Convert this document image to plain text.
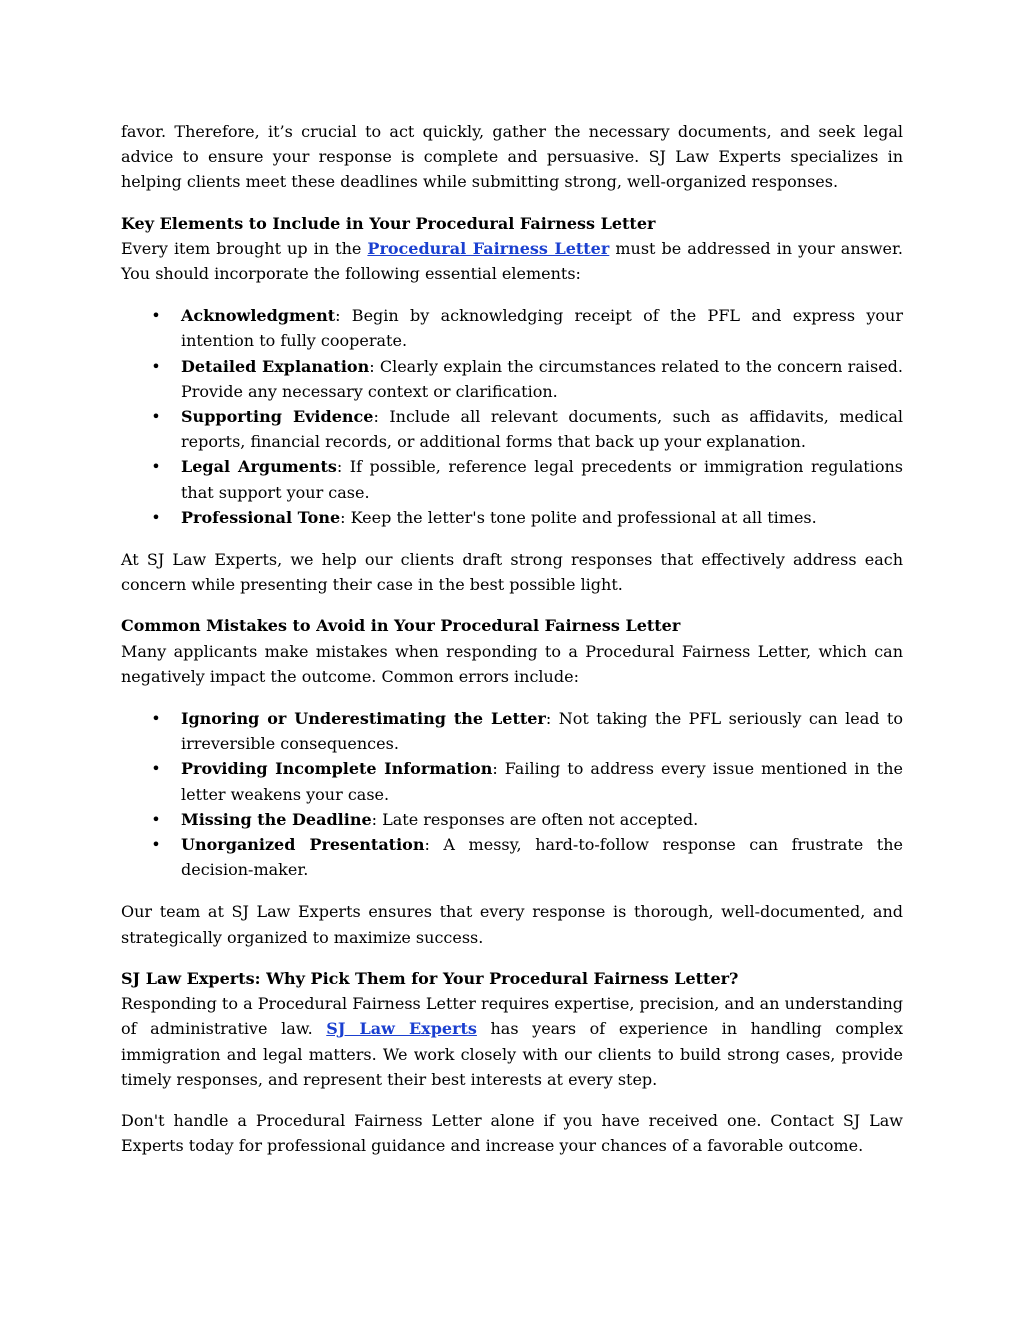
favor. Therefore, it’s crucial to act quickly, gather the necessary documents, and seek legal advice to ensure your response is complete and persuasive. SJ Law Experts specializes in helping clients meet these deadlines while submitting strong, well-organized responses.

Key Elements to Include in Your Procedural Fairness Letter

Every item brought up in the Procedural Fairness Letter must be addressed in your answer. You should incorporate the following essential elements:

• Acknowledgment: Begin by acknowledging receipt of the PFL and express your intention to fully cooperate.
• Detailed Explanation: Clearly explain the circumstances related to the concern raised. Provide any necessary context or clarification.
• Supporting Evidence: Include all relevant documents, such as affidavits, medical reports, financial records, or additional forms that back up your explanation.
• Legal Arguments: If possible, reference legal precedents or immigration regulations that support your case.
• Professional Tone: Keep the letter's tone polite and professional at all times.

At SJ Law Experts, we help our clients draft strong responses that effectively address each concern while presenting their case in the best possible light.

Common Mistakes to Avoid in Your Procedural Fairness Letter

Many applicants make mistakes when responding to a Procedural Fairness Letter, which can negatively impact the outcome. Common errors include:

• Ignoring or Underestimating the Letter: Not taking the PFL seriously can lead to irreversible consequences.
• Providing Incomplete Information: Failing to address every issue mentioned in the letter weakens your case.
• Missing the Deadline: Late responses are often not accepted.
• Unorganized Presentation: A messy, hard-to-follow response can frustrate the decision-maker.

Our team at SJ Law Experts ensures that every response is thorough, well-documented, and strategically organized to maximize success.

SJ Law Experts: Why Pick Them for Your Procedural Fairness Letter?

Responding to a Procedural Fairness Letter requires expertise, precision, and an understanding of administrative law. SJ Law Experts has years of experience in handling complex immigration and legal matters. We work closely with our clients to build strong cases, provide timely responses, and represent their best interests at every step.

Don't handle a Procedural Fairness Letter alone if you have received one. Contact SJ Law Experts today for professional guidance and increase your chances of a favorable outcome.
